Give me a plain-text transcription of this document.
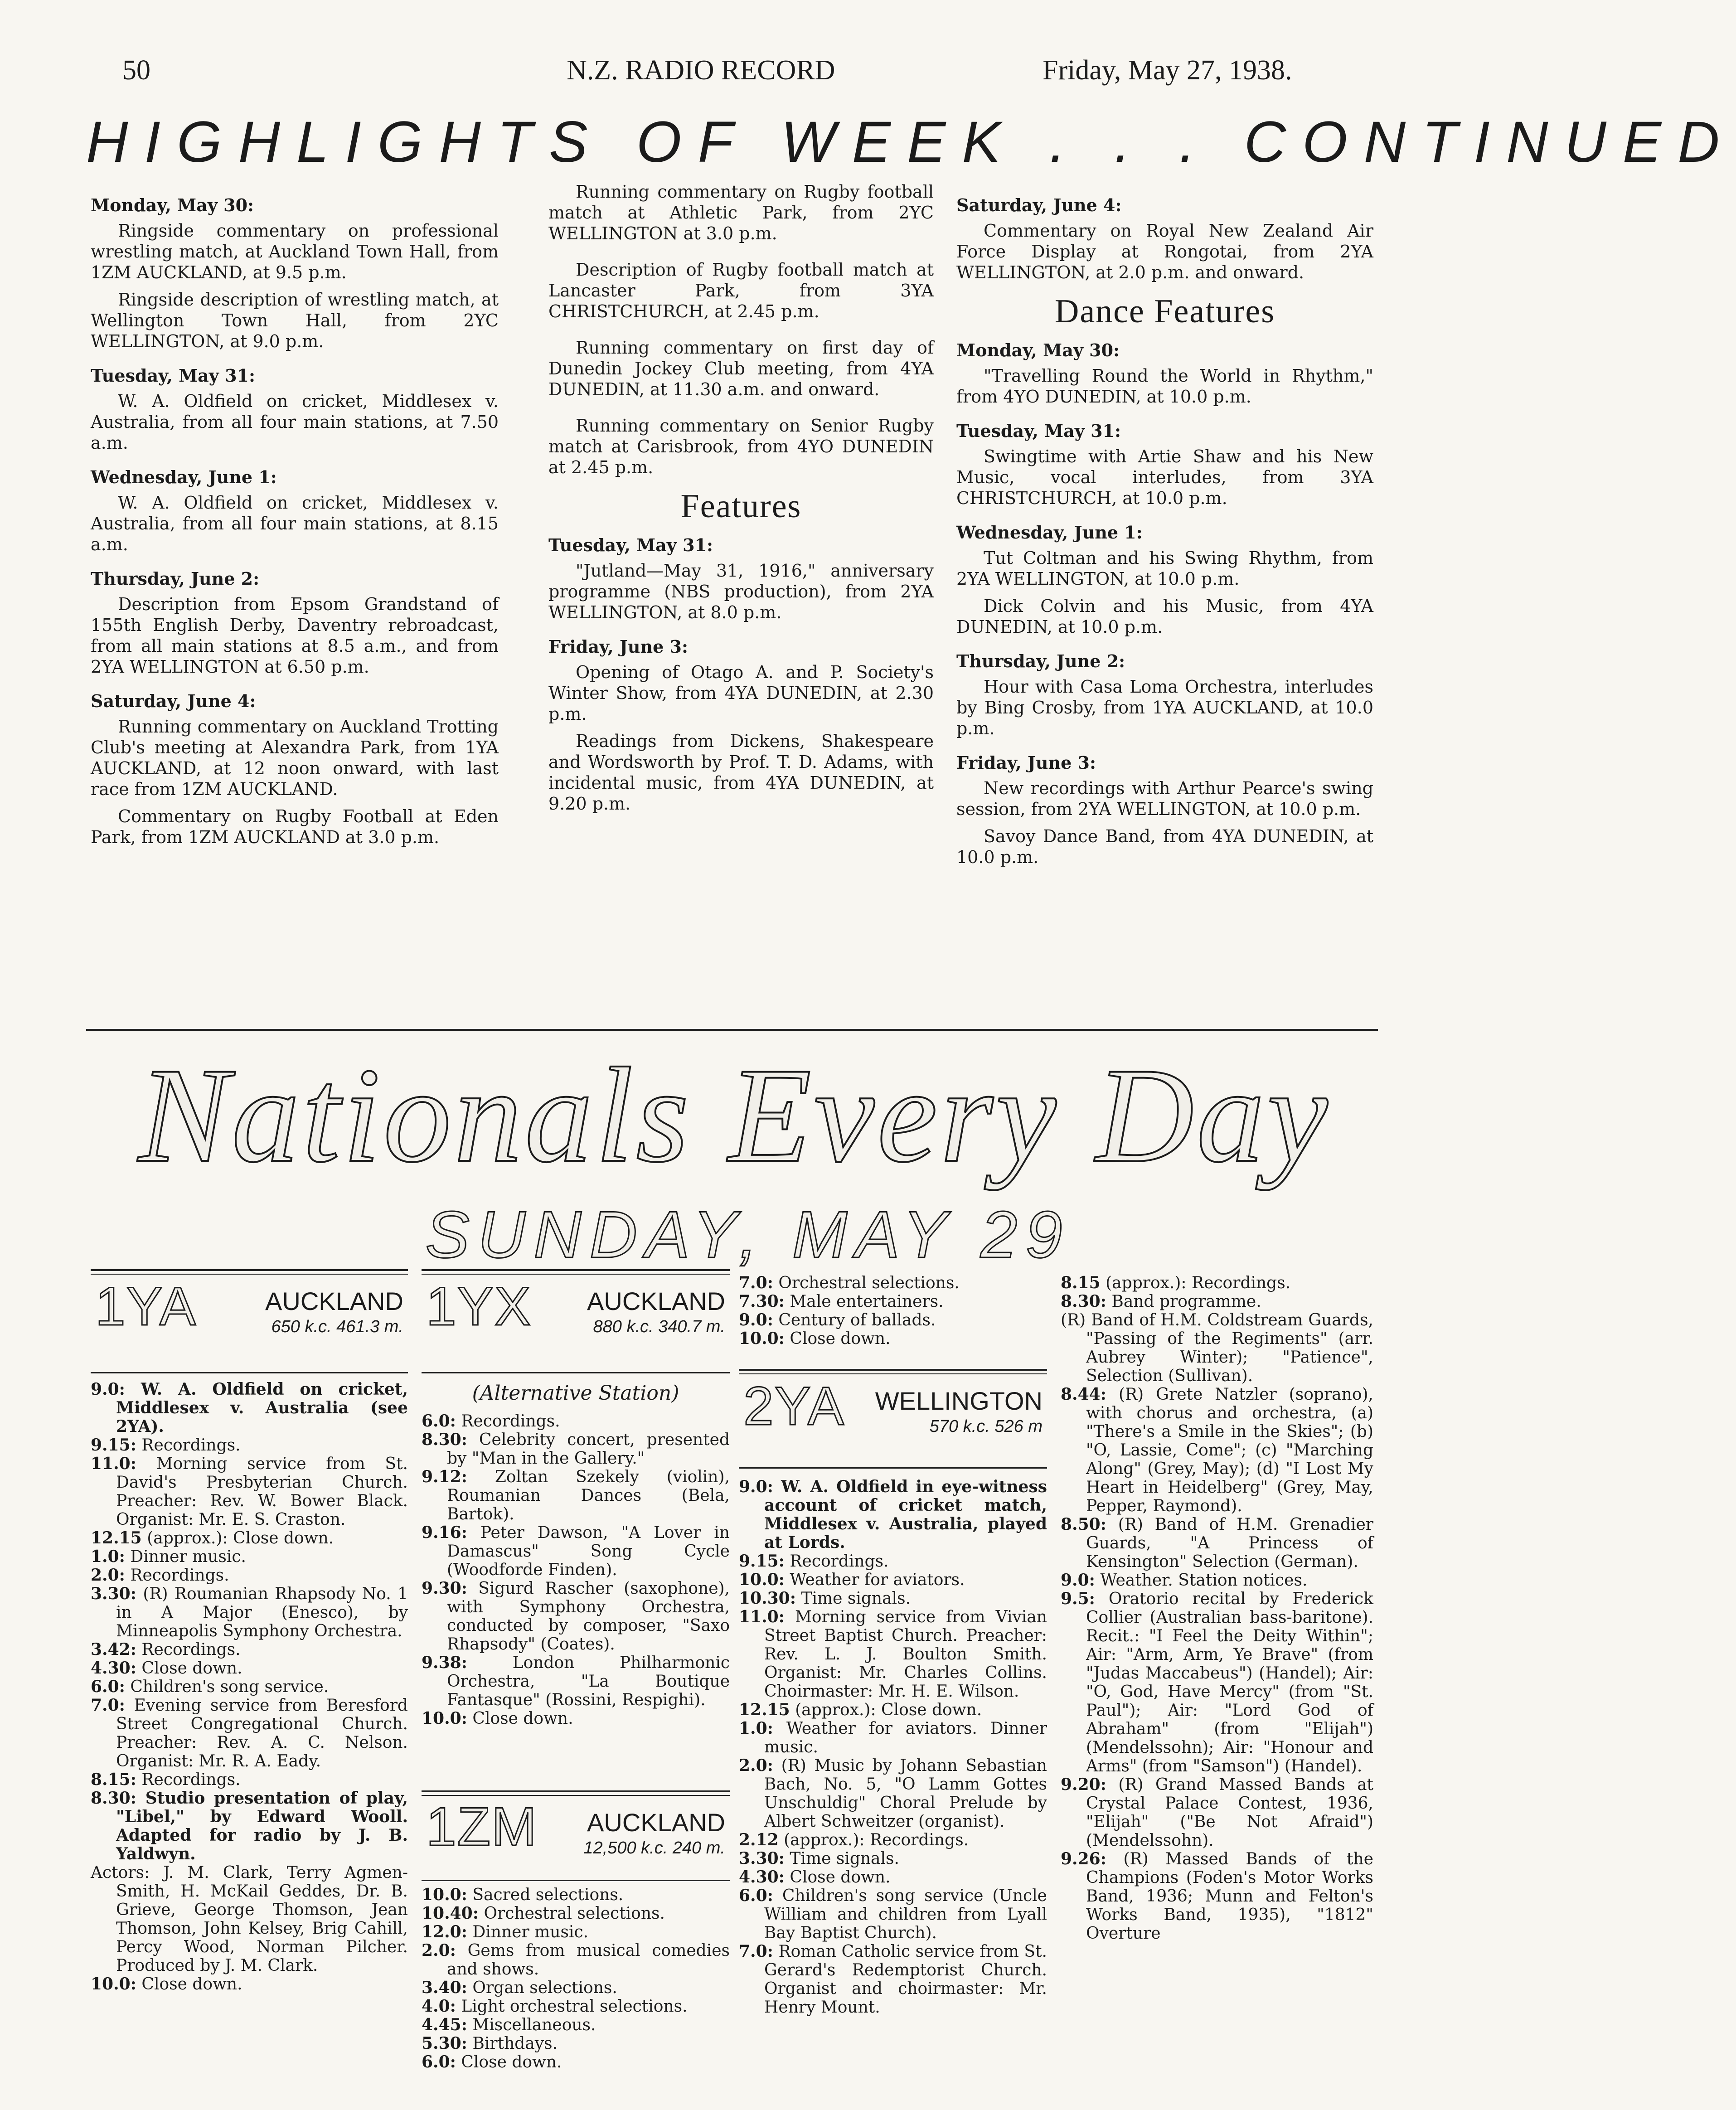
50	N.Z. RADIO RECORD	Friday, May 27, 1938.
HIGHLIGHTS OF WEEK . . . CONTINUED
Monday, May 30:

Ringside commentary on professional wrestling match, at Auckland Town Hall, from 1ZM AUCKLAND, at 9.5 p.m.

Ringside description of wrestling match, at Wellington Town Hall, from 2YC WELLINGTON, at 9.0 p.m.

Tuesday, May 31:

W. A. Oldfield on cricket, Middlesex v. Australia, from all four main stations, at 7.50 a.m.

Wednesday, June 1:

W. A. Oldfield on cricket, Middlesex v. Australia, from all four main stations, at 8.15 a.m.

Thursday, June 2:

Description from Epsom Grandstand of 155th English Derby, Daventry rebroadcast, from all main stations at 8.5 a.m., and from 2YA WELLINGTON at 6.50 p.m.

Saturday, June 4:

Running commentary on Auckland Trotting Club's meeting at Alexandra Park, from 1YA AUCKLAND, at 12 noon onward, with last race from 1ZM AUCKLAND.

Commentary on Rugby Football at Eden Park, from 1ZM AUCKLAND at 3.0 p.m.

Running commentary on Rugby football match at Athletic Park, from 2YC WELLINGTON at 3.0 p.m.

Description of Rugby football match at Lancaster Park, from 3YA CHRISTCHURCH, at 2.45 p.m.

Running commentary on first day of Dunedin Jockey Club meeting, from 4YA DUNEDIN, at 11.30 a.m. and onward.

Running commentary on Senior Rugby match at Carisbrook, from 4YO DUNEDIN at 2.45 p.m.

Features
Tuesday, May 31:

"Jutland—May 31, 1916," anniversary programme (NBS production), from 2YA WELLINGTON, at 8.0 p.m.

Friday, June 3:

Opening of Otago A. and P. Society's Winter Show, from 4YA DUNEDIN, at 2.30 p.m.

Readings from Dickens, Shakespeare and Wordsworth by Prof. T. D. Adams, with incidental music, from 4YA DUNEDIN, at 9.20 p.m.

Saturday, June 4:

Commentary on Royal New Zealand Air Force Display at Rongotai, from 2YA WELLINGTON, at 2.0 p.m. and onward.

Dance Features
Monday, May 30:

"Travelling Round the World in Rhythm," from 4YO DUNEDIN, at 10.0 p.m.

Tuesday, May 31:

Swingtime with Artie Shaw and his New Music, vocal interludes, from 3YA CHRISTCHURCH, at 10.0 p.m.

Wednesday, June 1:

Tut Coltman and his Swing Rhythm, from 2YA WELLINGTON, at 10.0 p.m.

Dick Colvin and his Music, from 4YA DUNEDIN, at 10.0 p.m.

Thursday, June 2:

Hour with Casa Loma Orchestra, interludes by Bing Crosby, from 1YA AUCKLAND, at 10.0 p.m.

Friday, June 3:

New recordings with Arthur Pearce's swing session, from 2YA WELLINGTON, at 10.0 p.m.

Savoy Dance Band, from 4YA DUNEDIN, at 10.0 p.m.

Nationals Every Day
SUNDAY, MAY 29
1YA	AUCKLAND
650 k.c. 461.3 m.

9.0: W. A. Oldfield on cricket, Middlesex v. Australia (see 2YA).

9.15: Recordings.

11.0: Morning service from St. David's Presbyterian Church. Preacher: Rev. W. Bower Black. Organist: Mr. E. S. Craston.

12.15 (approx.): Close down.

1.0: Dinner music.

2.0: Recordings.

3.30: (R) Roumanian Rhapsody No. 1 in A Major (Enesco), by Minneapolis Symphony Orchestra.

3.42: Recordings.

4.30: Close down.

6.0: Children's song service.

7.0: Evening service from Beresford Street Congregational Church. Preacher: Rev. A. C. Nelson. Organist: Mr. R. A. Eady.

8.15: Recordings.

8.30: Studio presentation of play, "Libel," by Edward Wooll. Adapted for radio by J. B. Yaldwyn.

Actors: J. M. Clark, Terry Agmen-Smith, H. McKail Geddes, Dr. B. Grieve, George Thomson, Jean Thomson, John Kelsey, Brig Cahill, Percy Wood, Norman Pilcher. Produced by J. M. Clark.

10.0: Close down.

1YX AUCKLAND
880 k.c. 340.7 m.
(Alternative Station)

6.0: Recordings.

8.30: Celebrity concert, presented by "Man in the Gallery."

9.12: Zoltan Szekely (violin), Roumanian Dances (Bela, Bartok).

9.16: Peter Dawson, "A Lover in Damascus" Song Cycle (Woodforde Finden).

9.30: Sigurd Rascher (saxophone), with Symphony Orchestra, conducted by composer, "Saxo Rhapsody" (Coates).

9.38:	London Philharmonic Orchestra, "La Boutique Fantasque" (Rossini, Respighi).

10.0: Close down.

1ZM AUCKLAND
12,500 k.c. 240 m.

10.0: Sacred selections.

10.40: Orchestral selections.

12.0: Dinner music.

2.0: Gems from musical comedies and shows.

3.40: Organ selections.

4.0: Light orchestral selections.

4.45: Miscellaneous.

5.30: Birthdays.

6.0: Close down.

7.0: Orchestral selections.

7.30: Male entertainers.

9.0: Century of ballads.

10.0: Close down.

2YA WELLINGTON
570 k.c. 526 m

9.0: W. A. Oldfield in eye-witness account of cricket match, Middlesex v. Australia, played at Lords.

9.15: Recordings.

10.0: Weather for aviators.

10.30: Time signals.

11.0: Morning service from Vivian Street Baptist Church. Preacher: Rev. L. J. Boulton Smith. Organist: Mr. Charles Collins. Choirmaster: Mr. H. E. Wilson.

12.15 (approx.): Close down.

1.0: Weather for aviators. Dinner music.

2.0: (R) Music by Johann Sebastian Bach, No. 5, "O Lamm Gottes Unschuldig" Choral Prelude by Albert Schweitzer (organist).

2.12 (approx.): Recordings.

3.30: Time signals.

4.30: Close down.

6.0: Children's song service (Uncle William and children from Lyall Bay Baptist Church).

7.0: Roman Catholic service from St. Gerard's Redemptorist Church. Organist and choirmaster: Mr. Henry Mount.

8.15 (approx.): Recordings.

8.30: Band programme.

(R) Band of H.M. Coldstream Guards, "Passing of the Regiments" (arr. Aubrey Winter); "Patience", Selection (Sullivan).

8.44: (R) Grete Natzler (soprano), with chorus and orchestra, (a) "There's a Smile in the Skies"; (b) "O, Lassie, Come"; (c) "Marching Along" (Grey, May); (d) "I Lost My Heart in Heidelberg" (Grey, May, Pepper, Raymond).

8.50: (R) Band of H.M. Grenadier Guards, "A Princess of Kensington" Selection (German).

9.0: Weather. Station notices.

9.5: Oratorio recital by Frederick Collier (Australian bass-baritone). Recit.: "I Feel the Deity Within"; Air: "Arm, Arm, Ye Brave" (from "Judas Maccabeus") (Handel); Air: "O, God, Have Mercy" (from "St. Paul"); Air: "Lord God of Abraham" (from "Elijah") (Mendelssohn); Air: "Honour and Arms" (from "Samson") (Handel).

9.20: (R) Grand Massed Bands at Crystal Palace Contest, 1936, "Elijah" ("Be Not Afraid") (Mendelssohn).

9.26: (R) Massed Bands of the Champions (Foden's Motor Works Band, 1936; Munn and Felton's Works Band, 1935), "1812" Overture
